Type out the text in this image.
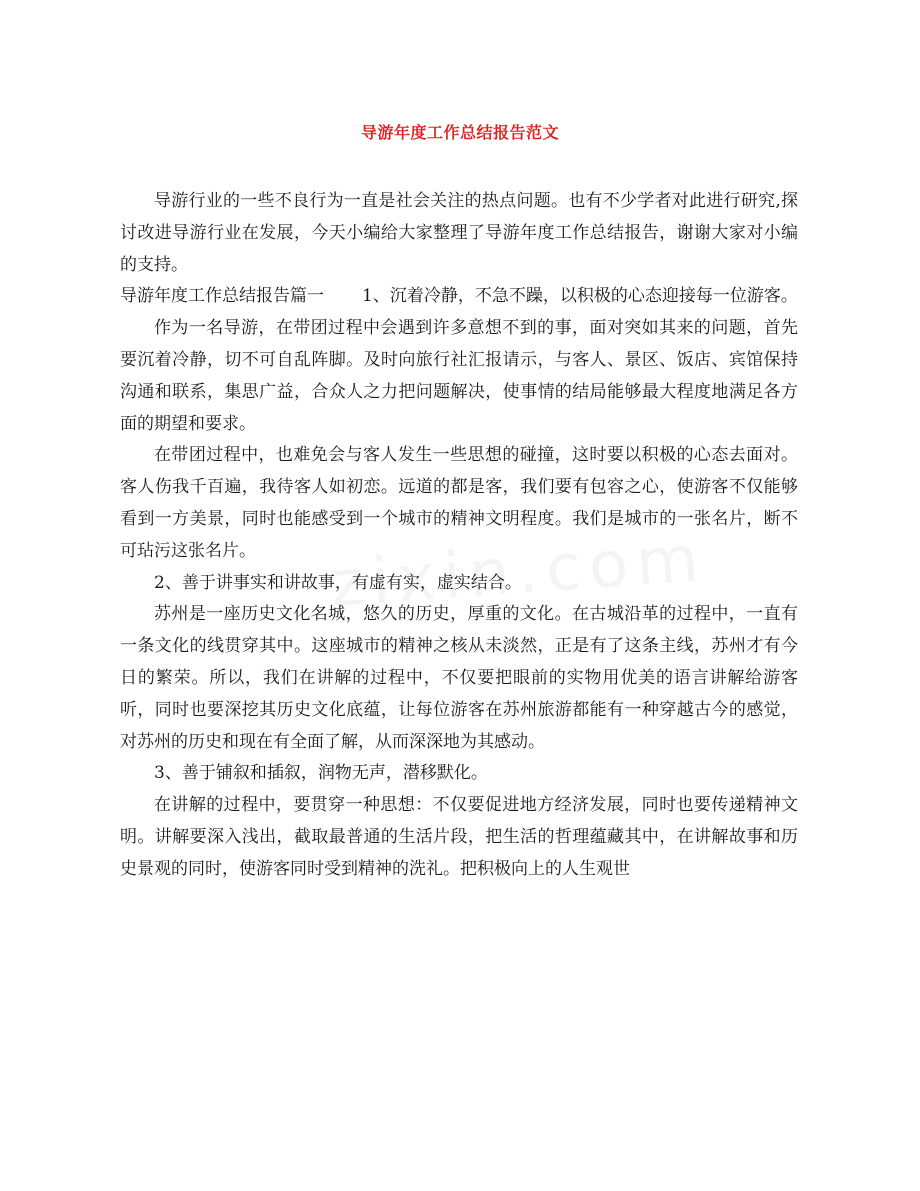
导游年度工作总结报告范文

导游行业的一些不良行为一直是社会关注的热点问题。也有不少学者对此进行研究,探讨改进导游行业在发展，今天小编给大家整理了导游年度工作总结报告，谢谢大家对小编的支持。

导游年度工作总结报告篇一 1、沉着冷静，不急不躁，以积极的心态迎接每一位游客。

作为一名导游，在带团过程中会遇到许多意想不到的事，面对突如其来的问题，首先要沉着冷静，切不可自乱阵脚。及时向旅行社汇报请示，与客人、景区、饭店、宾馆保持沟通和联系，集思广益，合众人之力把问题解决，使事情的结局能够最大程度地满足各方面的期望和要求。

在带团过程中，也难免会与客人发生一些思想的碰撞，这时要以积极的心态去面对。客人伤我千百遍，我待客人如初恋。远道的都是客，我们要有包容之心，使游客不仅能够看到一方美景，同时也能感受到一个城市的精神文明程度。我们是城市的一张名片，断不可玷污这张名片。

2、善于讲事实和讲故事，有虚有实，虚实结合。

苏州是一座历史文化名城，悠久的历史，厚重的文化。在古城沿革的过程中，一直有一条文化的线贯穿其中。这座城市的精神之核从未淡然，正是有了这条主线，苏州才有今日的繁荣。所以，我们在讲解的过程中，不仅要把眼前的实物用优美的语言讲解给游客听，同时也要深挖其历史文化底蕴，让每位游客在苏州旅游都能有一种穿越古今的感觉，对苏州的历史和现在有全面了解，从而深深地为其感动。

3、善于铺叙和插叙，润物无声，潜移默化。

在讲解的过程中，要贯穿一种思想：不仅要促进地方经济发展，同时也要传递精神文明。讲解要深入浅出，截取最普通的生活片段，把生活的哲理蕴藏其中，在讲解故事和历史景观的同时，使游客同时受到精神的洗礼。把积极向上的人生观世
